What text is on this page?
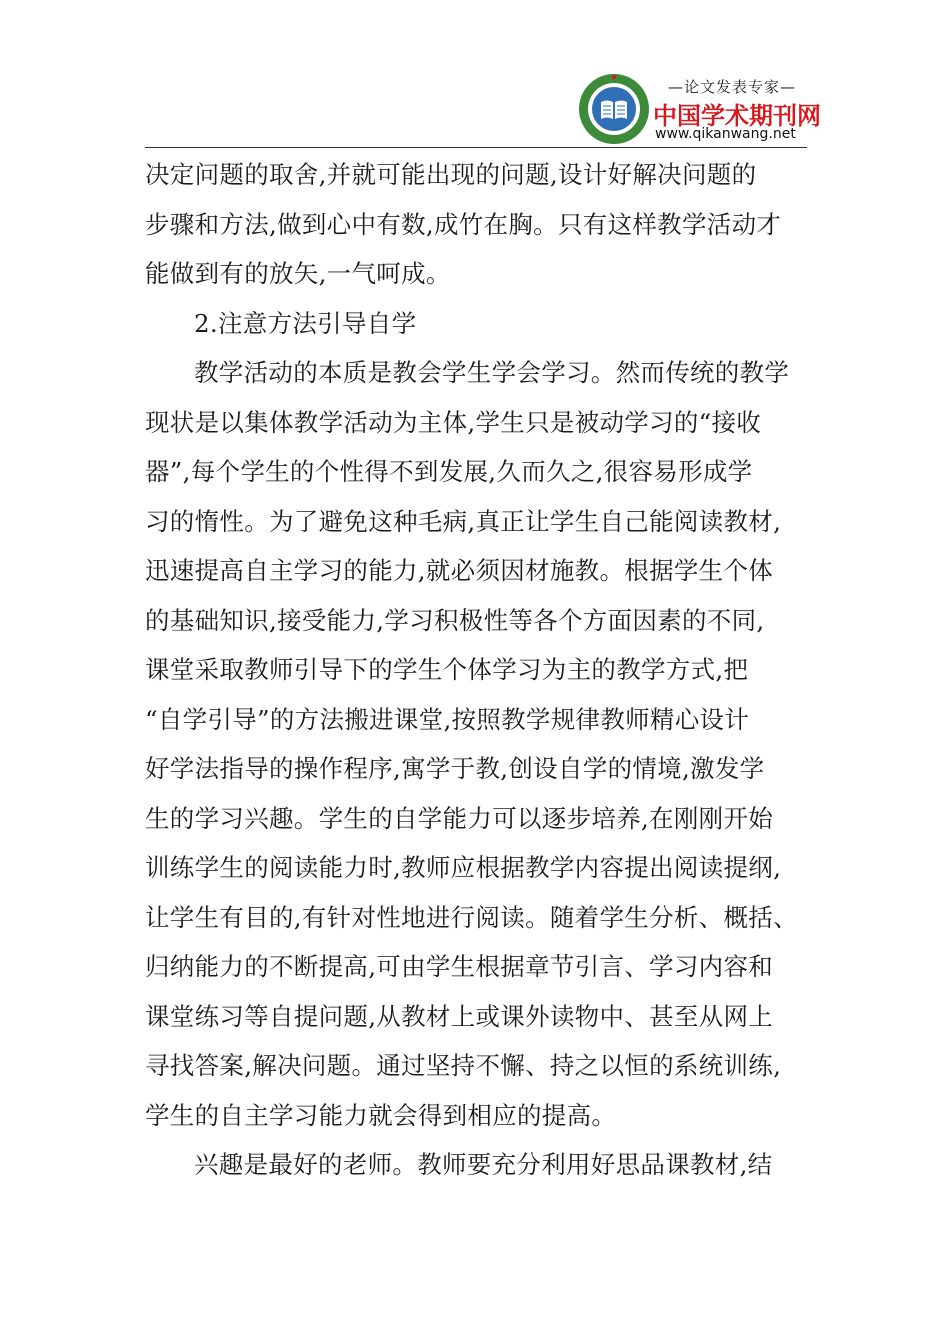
—论文发表专家—
中国学术期刊网
www.qikanwang.net
决定问题的取舍,并就可能出现的问题,设计好解决问题的
步骤和方法,做到心中有数,成竹在胸。只有这样教学活动才
能做到有的放矢,一气呵成。
2.注意方法引导自学
教学活动的本质是教会学生学会学习。然而传统的教学
现状是以集体教学活动为主体,学生只是被动学习的“接收
器”,每个学生的个性得不到发展,久而久之,很容易形成学
习的惰性。为了避免这种毛病,真正让学生自己能阅读教材,
迅速提高自主学习的能力,就必须因材施教。根据学生个体
的基础知识,接受能力,学习积极性等各个方面因素的不同,
课堂采取教师引导下的学生个体学习为主的教学方式,把
“自学引导”的方法搬进课堂,按照教学规律教师精心设计
好学法指导的操作程序,寓学于教,创设自学的情境,激发学
生的学习兴趣。学生的自学能力可以逐步培养,在刚刚开始
训练学生的阅读能力时,教师应根据教学内容提出阅读提纲,
让学生有目的,有针对性地进行阅读。随着学生分析、概括、
归纳能力的不断提高,可由学生根据章节引言、学习内容和
课堂练习等自提问题,从教材上或课外读物中、甚至从网上
寻找答案,解决问题。通过坚持不懈、持之以恒的系统训练,
学生的自主学习能力就会得到相应的提高。
兴趣是最好的老师。教师要充分利用好思品课教材,结
